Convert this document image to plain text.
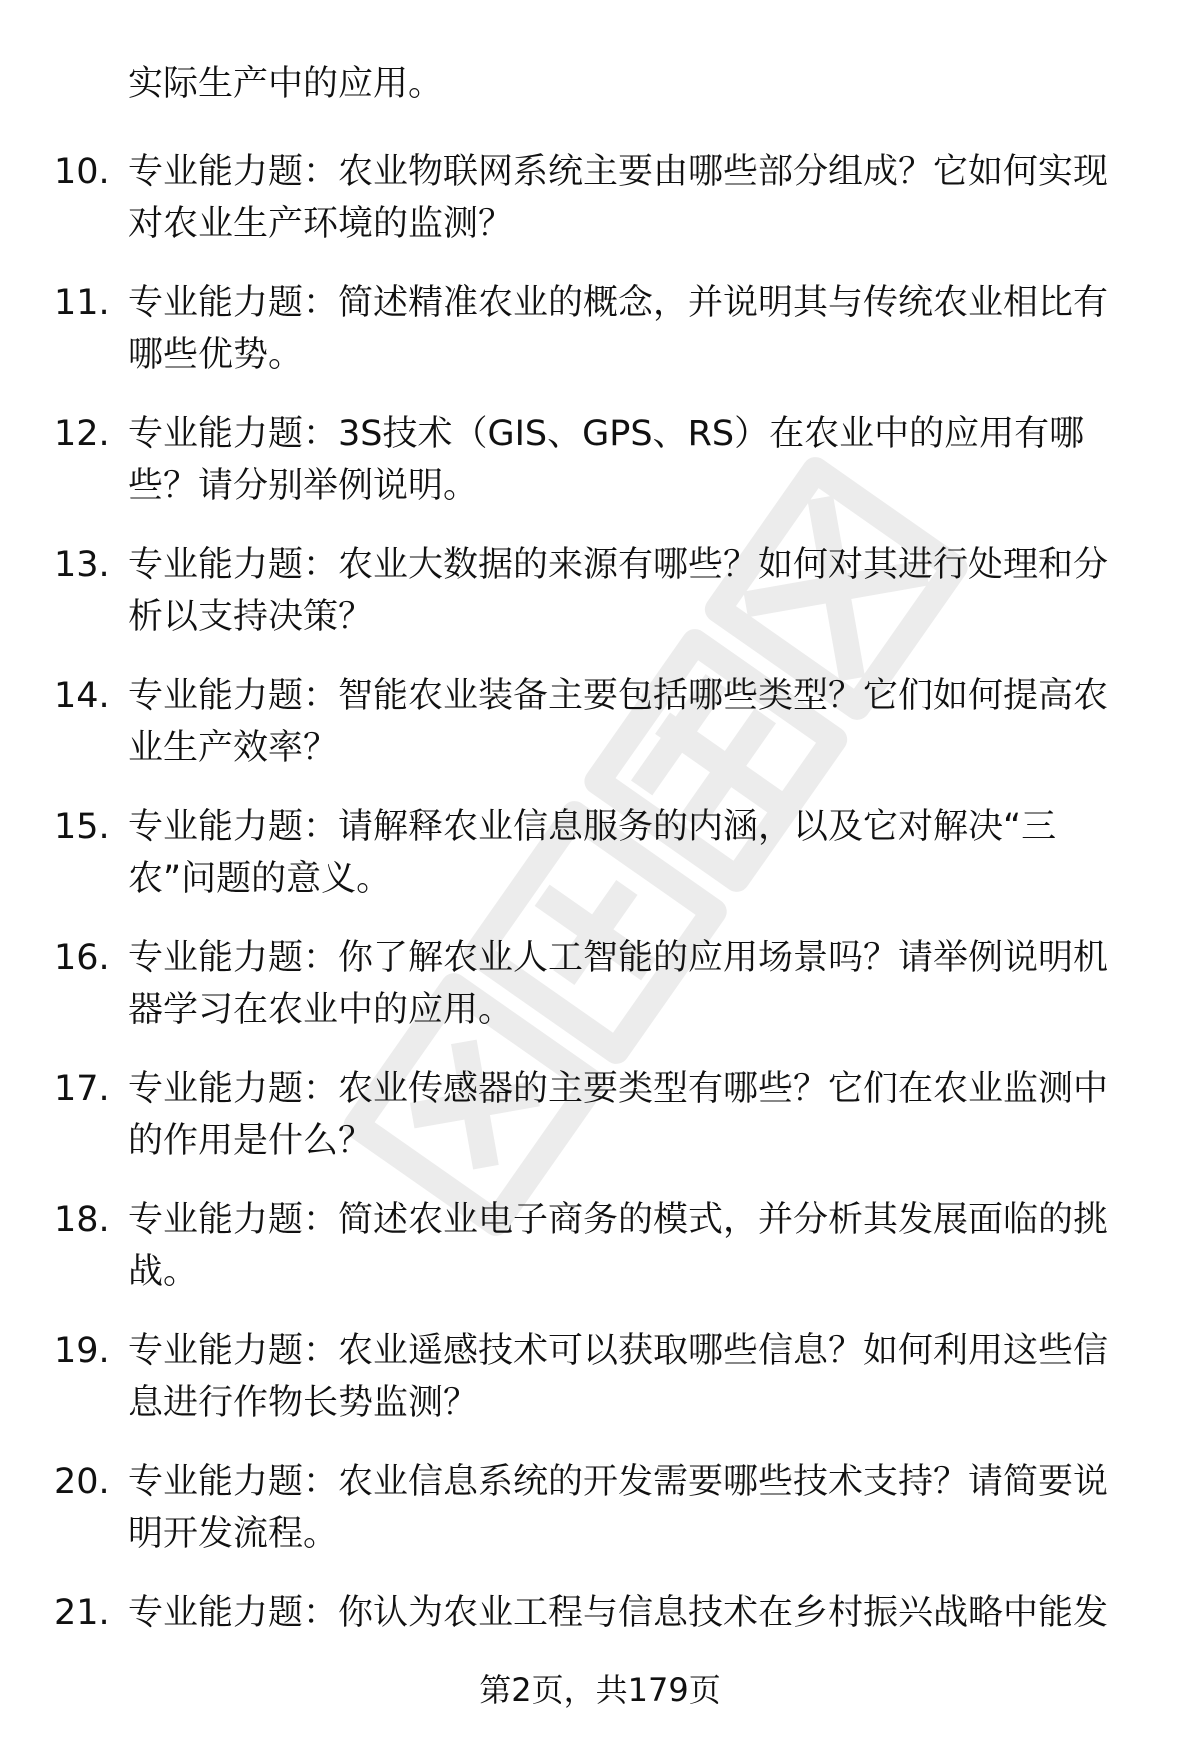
实际生产中的应用。

10. 专业能力题：农业物联网系统主要由哪些部分组成？它如何实现对农业生产环境的监测？

11. 专业能力题：简述精准农业的概念，并说明其与传统农业相比有哪些优势。

12. 专业能力题：3S技术（GIS、GPS、RS）在农业中的应用有哪些？请分别举例说明。

13. 专业能力题：农业大数据的来源有哪些？如何对其进行处理和分析以支持决策？

14. 专业能力题：智能农业装备主要包括哪些类型？它们如何提高农业生产效率？

15. 专业能力题：请解释农业信息服务的内涵，以及它对解决“三农”问题的意义。

16. 专业能力题：你了解农业人工智能的应用场景吗？请举例说明机器学习在农业中的应用。

17. 专业能力题：农业传感器的主要类型有哪些？它们在农业监测中的作用是什么？

18. 专业能力题：简述农业电子商务的模式，并分析其发展面临的挑战。

19. 专业能力题：农业遥感技术可以获取哪些信息？如何利用这些信息进行作物长势监测？

20. 专业能力题：农业信息系统的开发需要哪些技术支持？请简要说明开发流程。

21. 专业能力题：你认为农业工程与信息技术在乡村振兴战略中能发

第2页，共179页
